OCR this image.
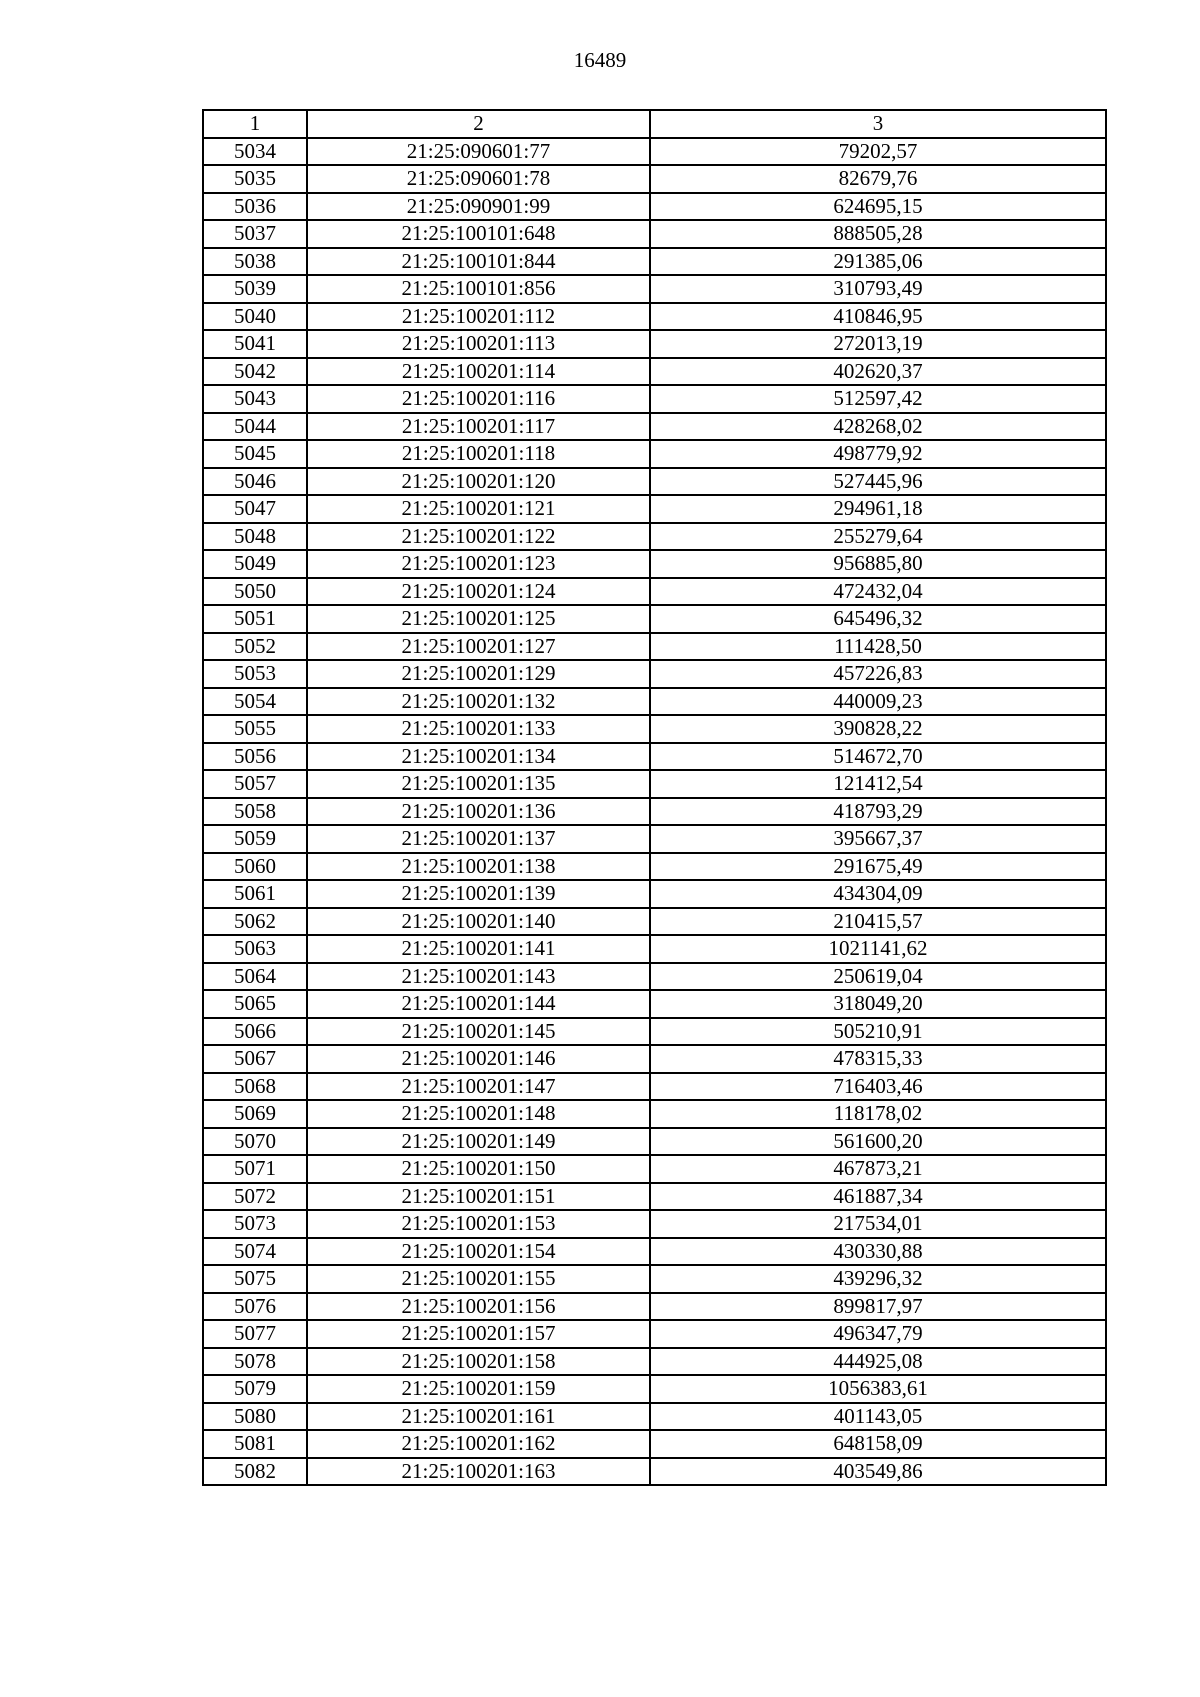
16489
1	2	3
5034	21:25:090601:77	79202,57
5035	21:25:090601:78	82679,76
5036	21:25:090901:99	624695,15
5037	21:25:100101:648	888505,28
5038	21:25:100101:844	291385,06
5039	21:25:100101:856	310793,49
5040	21:25:100201:112	410846,95
5041	21:25:100201:113	272013,19
5042	21:25:100201:114	402620,37
5043	21:25:100201:116	512597,42
5044	21:25:100201:117	428268,02
5045	21:25:100201:118	498779,92
5046	21:25:100201:120	527445,96
5047	21:25:100201:121	294961,18
5048	21:25:100201:122	255279,64
5049	21:25:100201:123	956885,80
5050	21:25:100201:124	472432,04
5051	21:25:100201:125	645496,32
5052	21:25:100201:127	111428,50
5053	21:25:100201:129	457226,83
5054	21:25:100201:132	440009,23
5055	21:25:100201:133	390828,22
5056	21:25:100201:134	514672,70
5057	21:25:100201:135	121412,54
5058	21:25:100201:136	418793,29
5059	21:25:100201:137	395667,37
5060	21:25:100201:138	291675,49
5061	21:25:100201:139	434304,09
5062	21:25:100201:140	210415,57
5063	21:25:100201:141	1021141,62
5064	21:25:100201:143	250619,04
5065	21:25:100201:144	318049,20
5066	21:25:100201:145	505210,91
5067	21:25:100201:146	478315,33
5068	21:25:100201:147	716403,46
5069	21:25:100201:148	118178,02
5070	21:25:100201:149	561600,20
5071	21:25:100201:150	467873,21
5072	21:25:100201:151	461887,34
5073	21:25:100201:153	217534,01
5074	21:25:100201:154	430330,88
5075	21:25:100201:155	439296,32
5076	21:25:100201:156	899817,97
5077	21:25:100201:157	496347,79
5078	21:25:100201:158	444925,08
5079	21:25:100201:159	1056383,61
5080	21:25:100201:161	401143,05
5081	21:25:100201:162	648158,09
5082	21:25:100201:163	403549,86
